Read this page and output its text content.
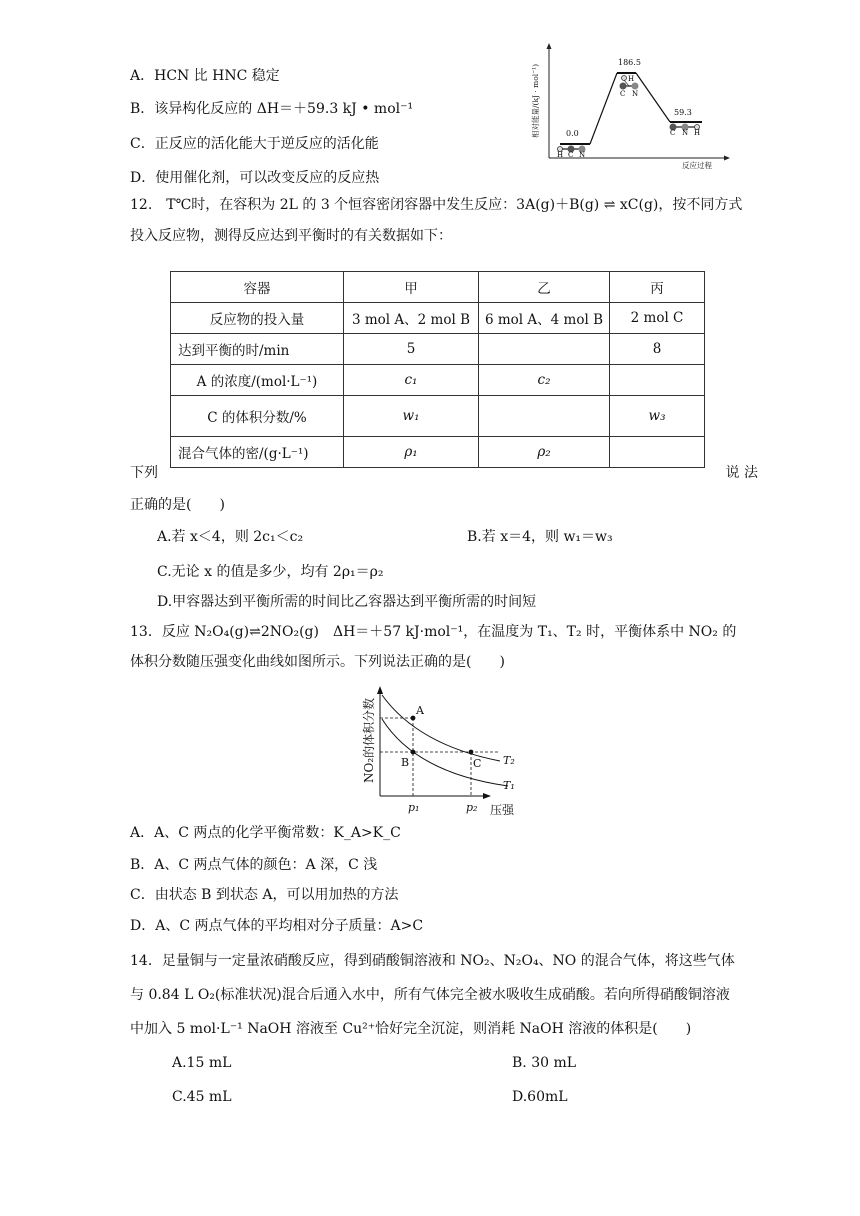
A．HCN 比 HNC 稳定
B．该异构化反应的 ΔH＝＋59.3 kJ • mol⁻¹
C．正反应的活化能大于逆反应的活化能
D．使用催化剂，可以改变反应的反应热
相对能量/(kJ · mol⁻¹)
反应过程
0.0
186.5
59.3
H C N
H
C N
C N H
12.　T℃时，在容积为 2L 的 3 个恒容密闭容器中发生反应：3A(g)＋B(g) ⇌ xC(g)，按不同方式
投入反应物，测得反应达到平衡时的有关数据如下：
容器	甲	乙	丙
反应物的投入量	3 mol A、2 mol B	6 mol A、4 mol B	2 mol C
达到平衡的时/min	5		8
A 的浓度/(mol·L⁻¹)	c₁	c₂	
C 的体积分数/%	w₁		w₃
混合气体的密/(g·L⁻¹)	ρ₁	ρ₂	
下列	说 法
正确的是(　　)
A.若 x＜4，则 2c₁＜c₂	B.若 x＝4，则 w₁＝w₃
C.无论 x 的值是多少，均有 2ρ₁＝ρ₂
D.甲容器达到平衡所需的时间比乙容器达到平衡所需的时间短
13．反应 N₂O₄(g)⇌2NO₂(g)　ΔH＝＋57 kJ·mol⁻¹，在温度为 T₁、T₂ 时，平衡体系中 NO₂ 的
体积分数随压强变化曲线如图所示。下列说法正确的是(　　)
NO₂的体积分数
压强
A
B	C T₂
T₁
p₁	p₂
A．A、C 两点的化学平衡常数：K_A>K_C
B．A、C 两点气体的颜色：A 深，C 浅
C．由状态 B 到状态 A，可以用加热的方法
D．A、C 两点气体的平均相对分子质量：A>C
14．足量铜与一定量浓硝酸反应，得到硝酸铜溶液和 NO₂、N₂O₄、NO 的混合气体，将这些气体
与 0.84 L O₂(标准状况)混合后通入水中，所有气体完全被水吸收生成硝酸。若向所得硝酸铜溶液
中加入 5 mol·L⁻¹ NaOH 溶液至 Cu²⁺恰好完全沉淀，则消耗 NaOH 溶液的体积是(　　)
A.15 mL	B. 30 mL
C.45 mL	D.60mL
